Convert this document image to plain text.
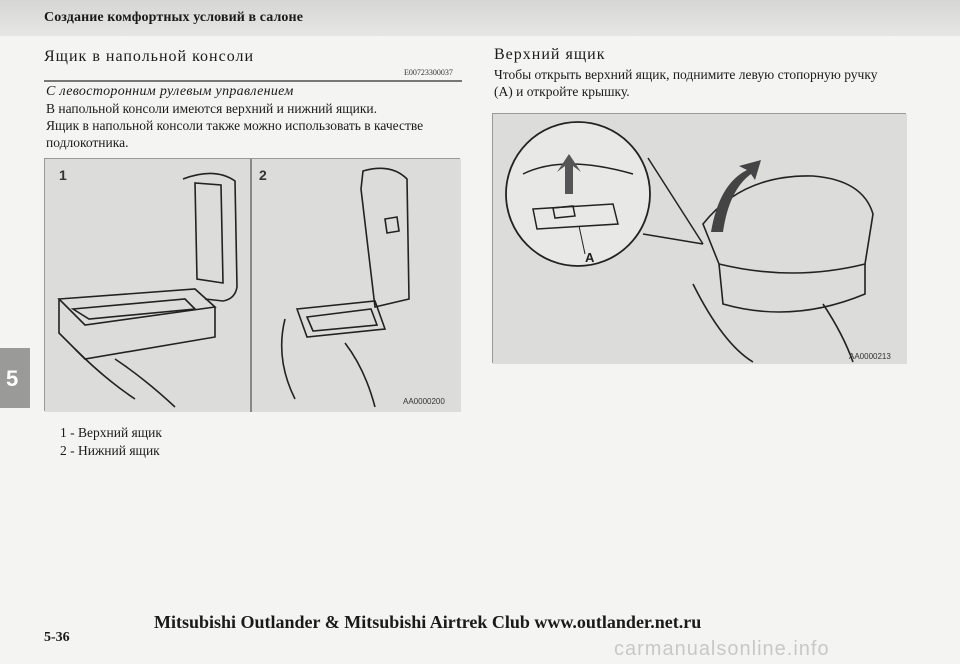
Создание комфортных условий в салоне
5
Ящик в напольной консоли
E00723300037
С левосторонним рулевым управлением

В напольной консоли имеются верхний и нижний ящики.

Ящик в напольной консоли также можно использовать в качестве

подлокотника.

1	2
AA0000200
1 - Верхний ящик
2 - Нижний ящик
Верхний ящик

Чтобы открыть верхний ящик, поднимите левую стопорную ручку

(A) и откройте крышку.

A
AA0000213
Mitsubishi Outlander & Mitsubishi Airtrek Club www.outlander.net.ru
5-36
carmanualsonline.info
